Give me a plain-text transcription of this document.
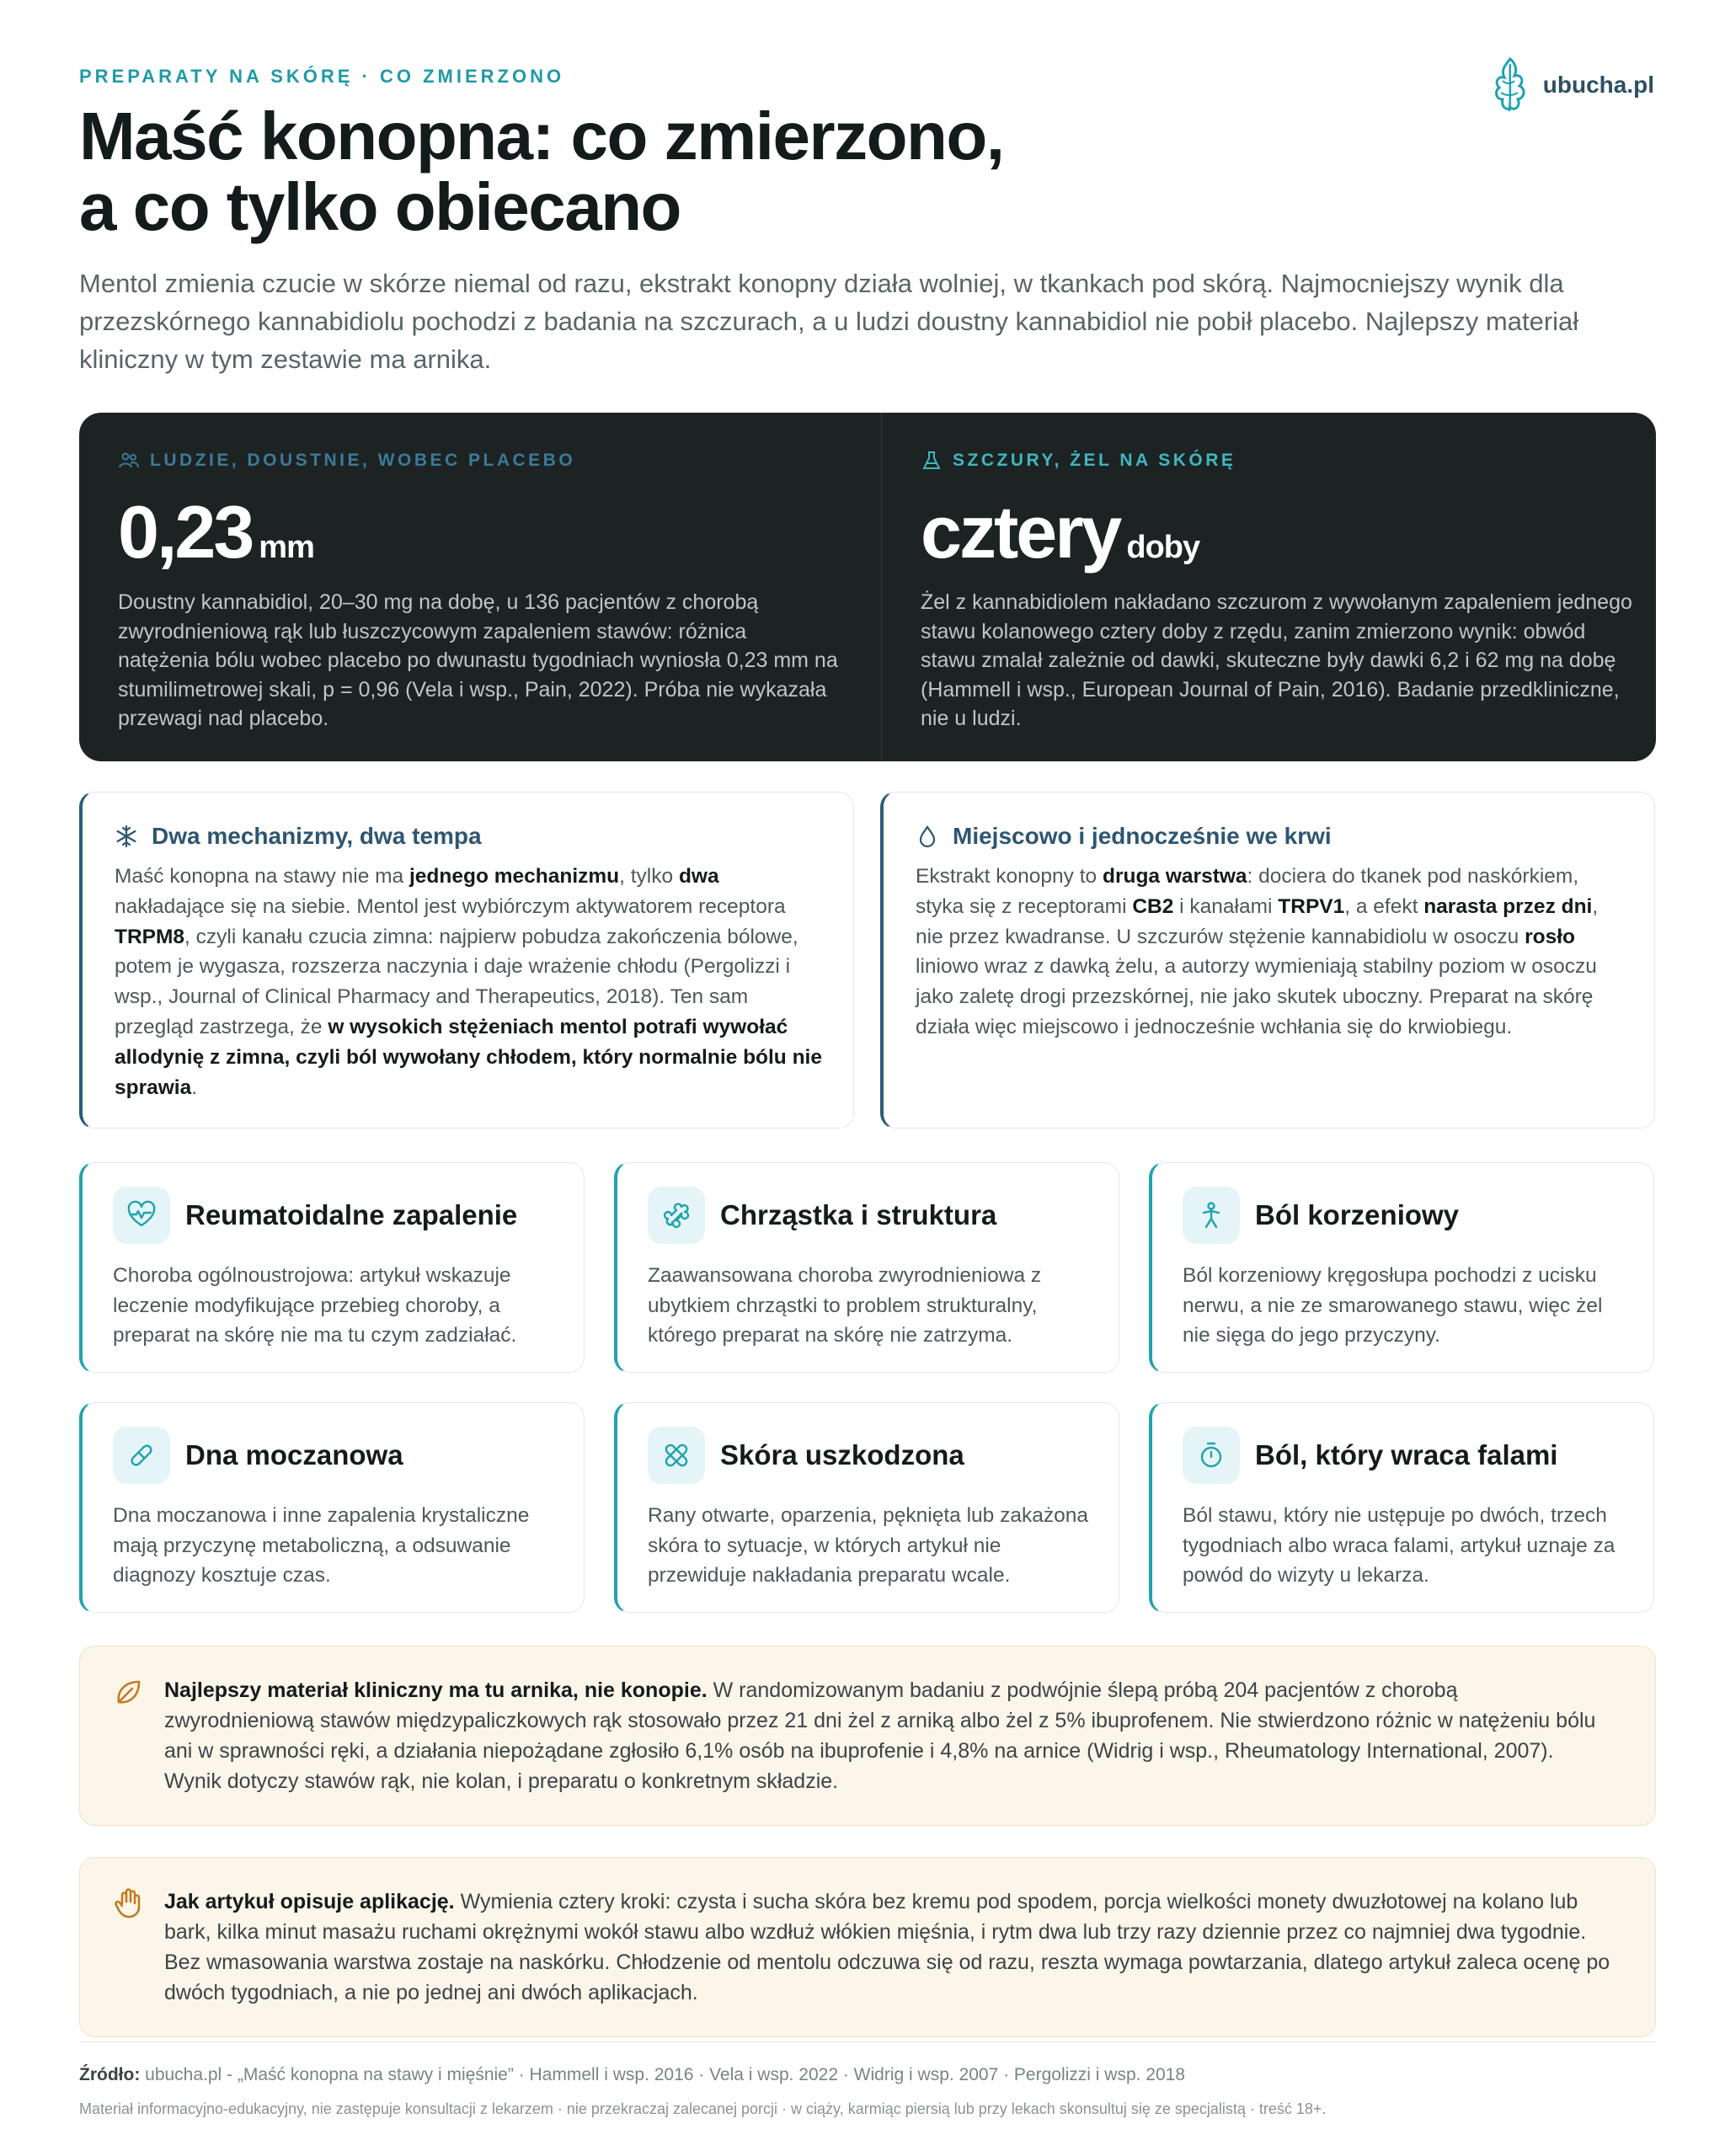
PREPARATY NA SKÓRĘ · CO ZMIERZONO	ubucha.pl
Maść konopna: co zmierzono,
a co tylko obiecano

Mentol zmienia czucie w skórze niemal od razu, ekstrakt konopny działa wolniej, w tkankach pod skórą. Najmocniejszy wynik dla przezskórnego kannabidiolu pochodzi z badania na szczurach, a u ludzi doustny kannabidiol nie pobił placebo. Najlepszy materiał kliniczny w tym zestawie ma arnika.

LUDZIE, DOUSTNIE, WOBEC PLACEBO
0,23 mm

Doustny kannabidiol, 20–30 mg na dobę, u 136 pacjentów z chorobą zwyrodnieniową rąk lub łuszczycowym zapaleniem stawów: różnica natężenia bólu wobec placebo po dwunastu tygodniach wyniosła 0,23 mm na stumilimetrowej skali, p = 0,96 (Vela i wsp., Pain, 2022). Próba nie wykazała przewagi nad placebo.

SZCZURY, ŻEL NA SKÓRĘ
cztery doby

Żel z kannabidiolem nakładano szczurom z wywołanym zapaleniem jednego stawu kolanowego cztery doby z rzędu, zanim zmierzono wynik: obwód stawu zmalał zależnie od dawki, skuteczne były dawki 6,2 i 62 mg na dobę (Hammell i wsp., European Journal of Pain, 2016). Badanie przedkliniczne, nie u ludzi.

Dwa mechanizmy, dwa tempa

Maść konopna na stawy nie ma jednego mechanizmu, tylko dwa nakładające się na siebie. Mentol jest wybiórczym aktywatorem receptora TRPM8, czyli kanału czucia zimna: najpierw pobudza zakończenia bólowe, potem je wygasza, rozszerza naczynia i daje wrażenie chłodu (Pergolizzi i wsp., Journal of Clinical Pharmacy and Therapeutics, 2018). Ten sam przegląd zastrzega, że w wysokich stężeniach mentol potrafi wywołać allodynię z zimna, czyli ból wywołany chłodem, który normalnie bólu nie sprawia.

Miejscowo i jednocześnie we krwi

Ekstrakt konopny to druga warstwa: dociera do tkanek pod naskórkiem, styka się z receptorami CB2 i kanałami TRPV1, a efekt narasta przez dni, nie przez kwadranse. U szczurów stężenie kannabidiolu w osoczu rosło liniowo wraz z dawką żelu, a autorzy wymieniają stabilny poziom w osoczu jako zaletę drogi przezskórnej, nie jako skutek uboczny. Preparat na skórę działa więc miejscowo i jednocześnie wchłania się do krwiobiegu.

Reumatoidalne zapalenie

Choroba ogólnoustrojowa: artykuł wskazuje leczenie modyfikujące przebieg choroby, a preparat na skórę nie ma tu czym zadziałać.

Chrząstka i struktura

Zaawansowana choroba zwyrodnieniowa z ubytkiem chrząstki to problem strukturalny, którego preparat na skórę nie zatrzyma.

Ból korzeniowy

Ból korzeniowy kręgosłupa pochodzi z ucisku nerwu, a nie ze smarowanego stawu, więc żel nie sięga do jego przyczyny.

Dna moczanowa

Dna moczanowa i inne zapalenia krystaliczne mają przyczynę metaboliczną, a odsuwanie diagnozy kosztuje czas.

Skóra uszkodzona

Rany otwarte, oparzenia, pęknięta lub zakażona skóra to sytuacje, w których artykuł nie przewiduje nakładania preparatu wcale.

Ból, który wraca falami

Ból stawu, który nie ustępuje po dwóch, trzech tygodniach albo wraca falami, artykuł uznaje za powód do wizyty u lekarza.

Najlepszy materiał kliniczny ma tu arnika, nie konopie. W randomizowanym badaniu z podwójnie ślepą próbą 204 pacjentów z chorobą zwyrodnieniową stawów międzypaliczkowych rąk stosowało przez 21 dni żel z arniką albo żel z 5% ibuprofenem. Nie stwierdzono różnic w natężeniu bólu ani w sprawności ręki, a działania niepożądane zgłosiło 6,1% osób na ibuprofenie i 4,8% na arnice (Widrig i wsp., Rheumatology International, 2007). Wynik dotyczy stawów rąk, nie kolan, i preparatu o konkretnym składzie.

Jak artykuł opisuje aplikację. Wymienia cztery kroki: czysta i sucha skóra bez kremu pod spodem, porcja wielkości monety dwuzłotowej na kolano lub bark, kilka minut masażu ruchami okrężnymi wokół stawu albo wzdłuż włókien mięśnia, i rytm dwa lub trzy razy dziennie przez co najmniej dwa tygodnie. Bez wmasowania warstwa zostaje na naskórku. Chłodzenie od mentolu odczuwa się od razu, reszta wymaga powtarzania, dlatego artykuł zaleca ocenę po dwóch tygodniach, a nie po jednej ani dwóch aplikacjach.

Źródło: ubucha.pl - „Maść konopna na stawy i mięśnie” · Hammell i wsp. 2016 · Vela i wsp. 2022 · Widrig i wsp. 2007 · Pergolizzi i wsp. 2018

Materiał informacyjno-edukacyjny, nie zastępuje konsultacji z lekarzem · nie przekraczaj zalecanej porcji · w ciąży, karmiąc piersią lub przy lekach skonsultuj się ze specjalistą · treść 18+.
